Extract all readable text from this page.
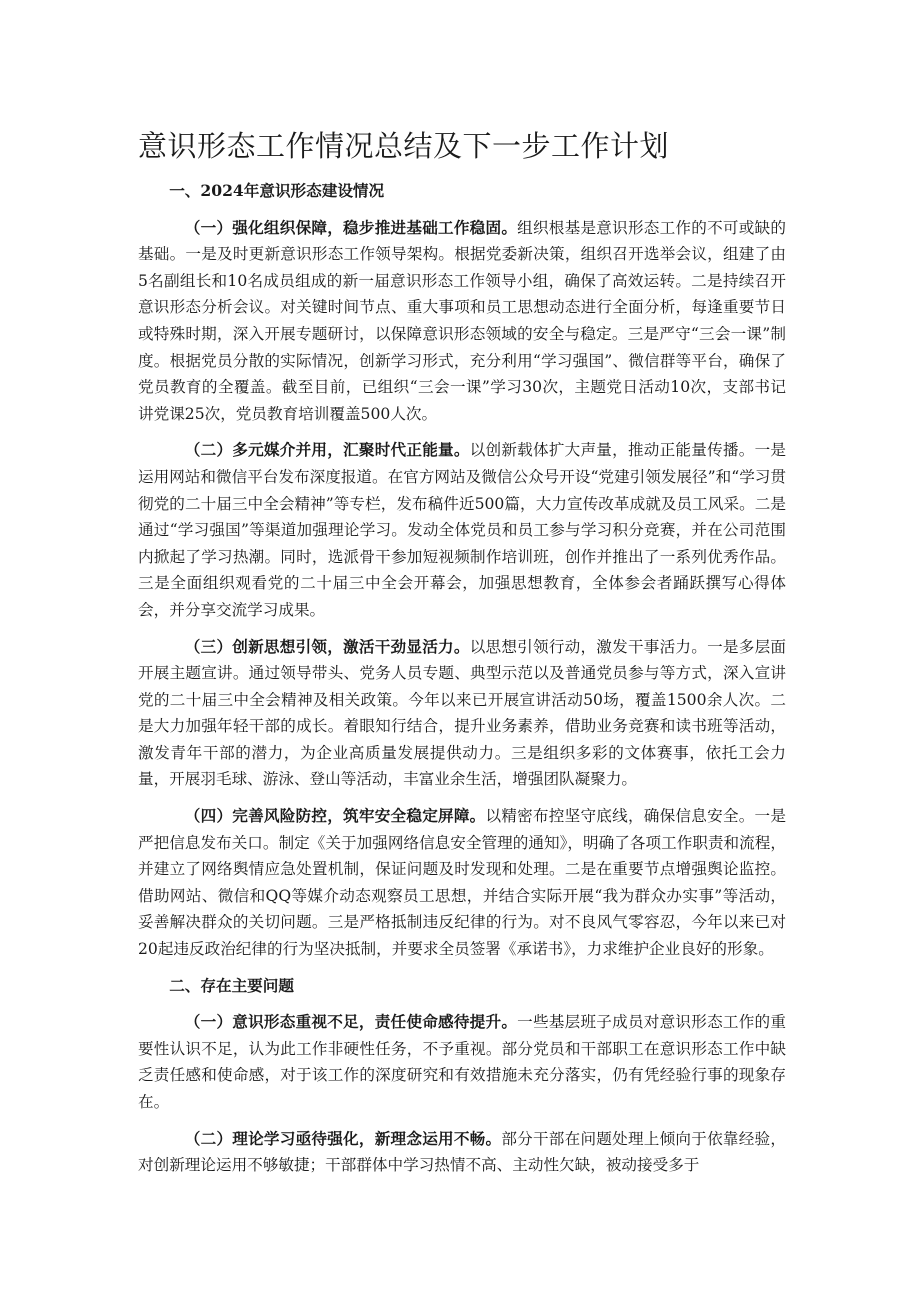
意识形态工作情况总结及下一步工作计划

一、2024年意识形态建设情况

（一）强化组织保障，稳步推进基础工作稳固。组织根基是意识形态工作的不可或缺的基础。一是及时更新意识形态工作领导架构。根据党委新决策，组织召开选举会议，组建了由5名副组长和10名成员组成的新一届意识形态工作领导小组，确保了高效运转。二是持续召开意识形态分析会议。对关键时间节点、重大事项和员工思想动态进行全面分析，每逢重要节日或特殊时期，深入开展专题研讨，以保障意识形态领域的安全与稳定。三是严守“三会一课”制度。根据党员分散的实际情况，创新学习形式，充分利用“学习强国”、微信群等平台，确保了党员教育的全覆盖。截至目前，已组织“三会一课”学习30次，主题党日活动10次，支部书记讲党课25次，党员教育培训覆盖500人次。

（二）多元媒介并用，汇聚时代正能量。以创新载体扩大声量，推动正能量传播。一是运用网站和微信平台发布深度报道。在官方网站及微信公众号开设“党建引领发展径”和“学习贯彻党的二十届三中全会精神”等专栏，发布稿件近500篇，大力宣传改革成就及员工风采。二是通过“学习强国”等渠道加强理论学习。发动全体党员和员工参与学习积分竞赛，并在公司范围内掀起了学习热潮。同时，选派骨干参加短视频制作培训班，创作并推出了一系列优秀作品。三是全面组织观看党的二十届三中全会开幕会，加强思想教育，全体参会者踊跃撰写心得体会，并分享交流学习成果。

（三）创新思想引领，激活干劲显活力。以思想引领行动，激发干事活力。一是多层面开展主题宣讲。通过领导带头、党务人员专题、典型示范以及普通党员参与等方式，深入宣讲党的二十届三中全会精神及相关政策。今年以来已开展宣讲活动50场，覆盖1500余人次。二是大力加强年轻干部的成长。着眼知行结合，提升业务素养，借助业务竞赛和读书班等活动，激发青年干部的潜力，为企业高质量发展提供动力。三是组织多彩的文体赛事，依托工会力量，开展羽毛球、游泳、登山等活动，丰富业余生活，增强团队凝聚力。

（四）完善风险防控，筑牢安全稳定屏障。以精密布控坚守底线，确保信息安全。一是严把信息发布关口。制定《关于加强网络信息安全管理的通知》，明确了各项工作职责和流程，并建立了网络舆情应急处置机制，保证问题及时发现和处理。二是在重要节点增强舆论监控。借助网站、微信和QQ等媒介动态观察员工思想，并结合实际开展“我为群众办实事”等活动，妥善解决群众的关切问题。三是严格抵制违反纪律的行为。对不良风气零容忍，今年以来已对20起违反政治纪律的行为坚决抵制，并要求全员签署《承诺书》，力求维护企业良好的形象。

二、存在主要问题

（一）意识形态重视不足，责任使命感待提升。一些基层班子成员对意识形态工作的重要性认识不足，认为此工作非硬性任务，不予重视。部分党员和干部职工在意识形态工作中缺乏责任感和使命感，对于该工作的深度研究和有效措施未充分落实，仍有凭经验行事的现象存在。

（二）理论学习亟待强化，新理念运用不畅。部分干部在问题处理上倾向于依靠经验，对创新理论运用不够敏捷；干部群体中学习热情不高、主动性欠缺，被动接受多于
